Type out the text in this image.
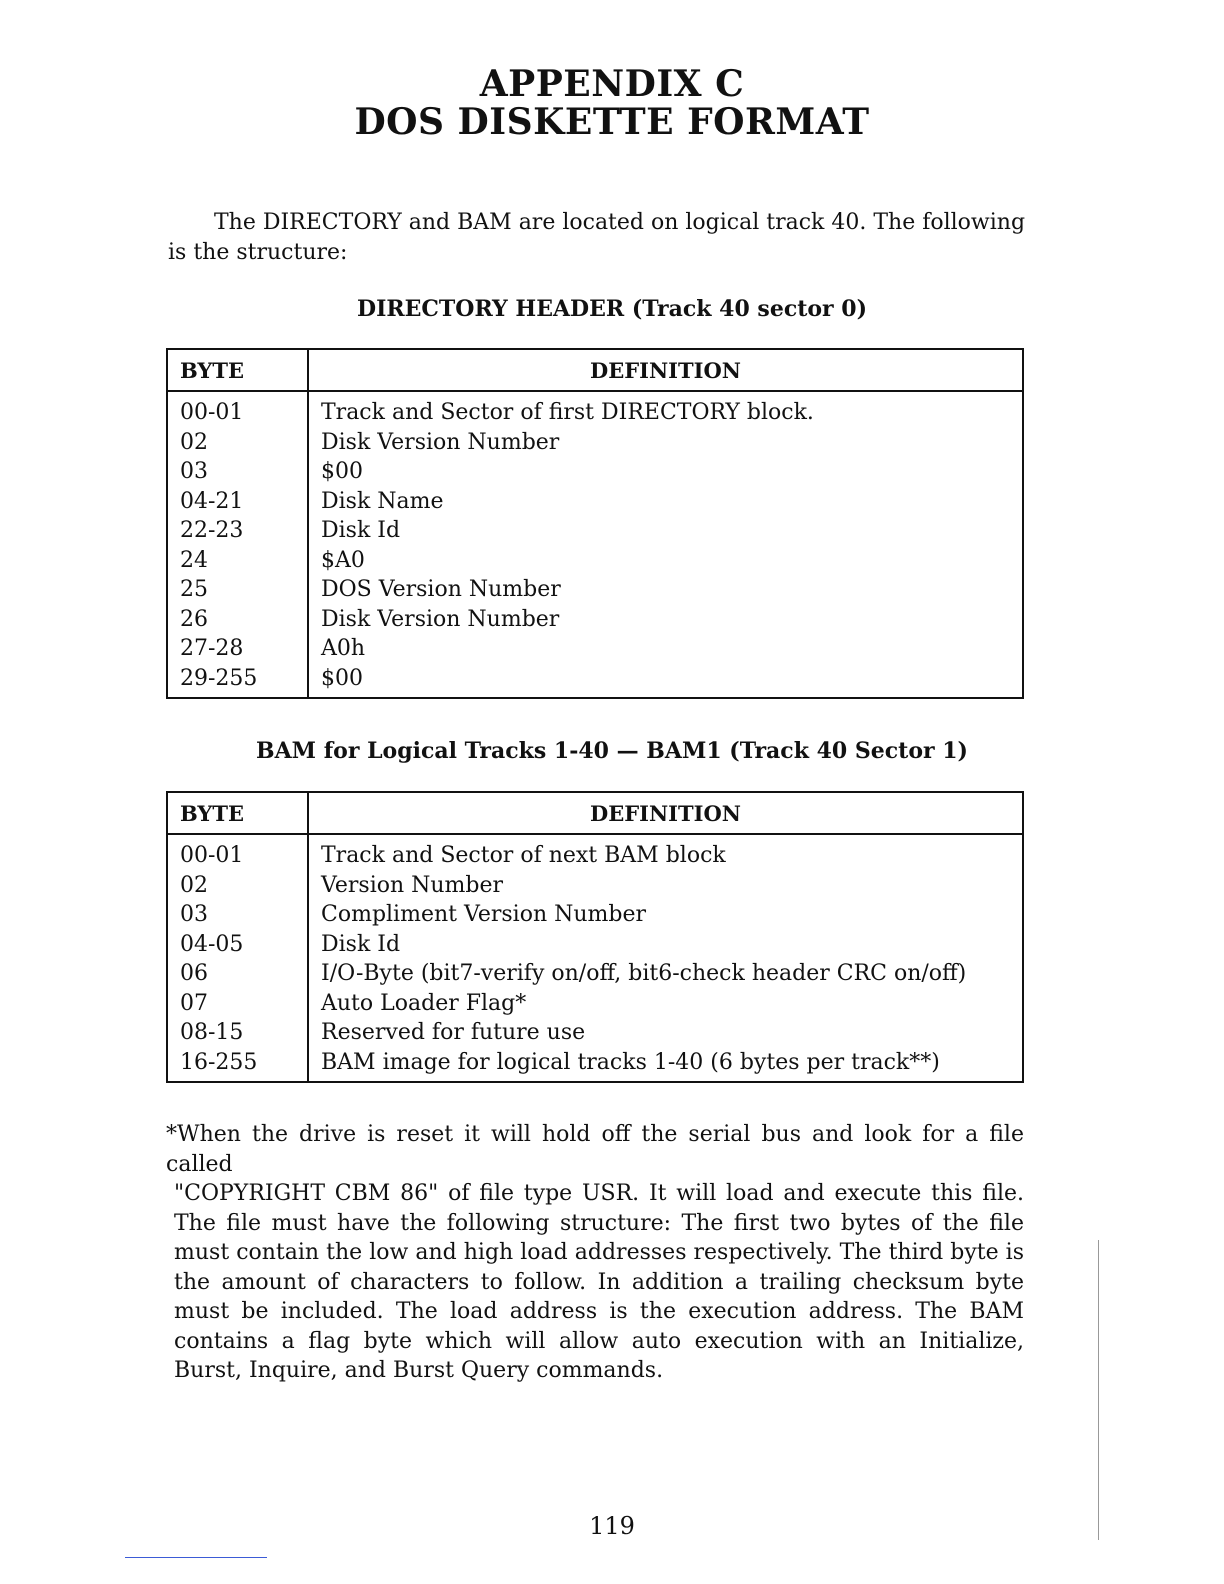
APPENDIX C
DOS DISKETTE FORMAT
The DIRECTORY and BAM are located on logical track 40. The following is the structure:
DIRECTORY HEADER (Track 40 sector 0)
BYTE	DEFINITION
00-01	Track and Sector of first DIRECTORY block.
02	Disk Version Number
03	$00
04-21	Disk Name
22-23	Disk Id
24	$A0
25	DOS Version Number
26	Disk Version Number
27-28	A0h
29-255	$00
BAM for Logical Tracks 1-40 — BAM1 (Track 40 Sector 1)
BYTE	DEFINITION
00-01	Track and Sector of next BAM block
02	Version Number
03	Compliment Version Number
04-05	Disk Id
06	I/O-Byte (bit7-verify on/off, bit6-check header CRC on/off)
07	Auto Loader Flag*
08-15	Reserved for future use
16-255	BAM image for logical tracks 1-40 (6 bytes per track**)
*When the drive is reset it will hold off the serial bus and look for a file called
"COPYRIGHT CBM 86" of file type USR. It will load and execute this file. The file must have the following structure: The first two bytes of the file must contain the low and high load addresses respectively. The third byte is the amount of characters to follow. In addition a trailing checksum byte must be included. The load address is the execution address. The BAM contains a flag byte which will allow auto execution with an Initialize, Burst, Inquire, and Burst Query commands.
119
